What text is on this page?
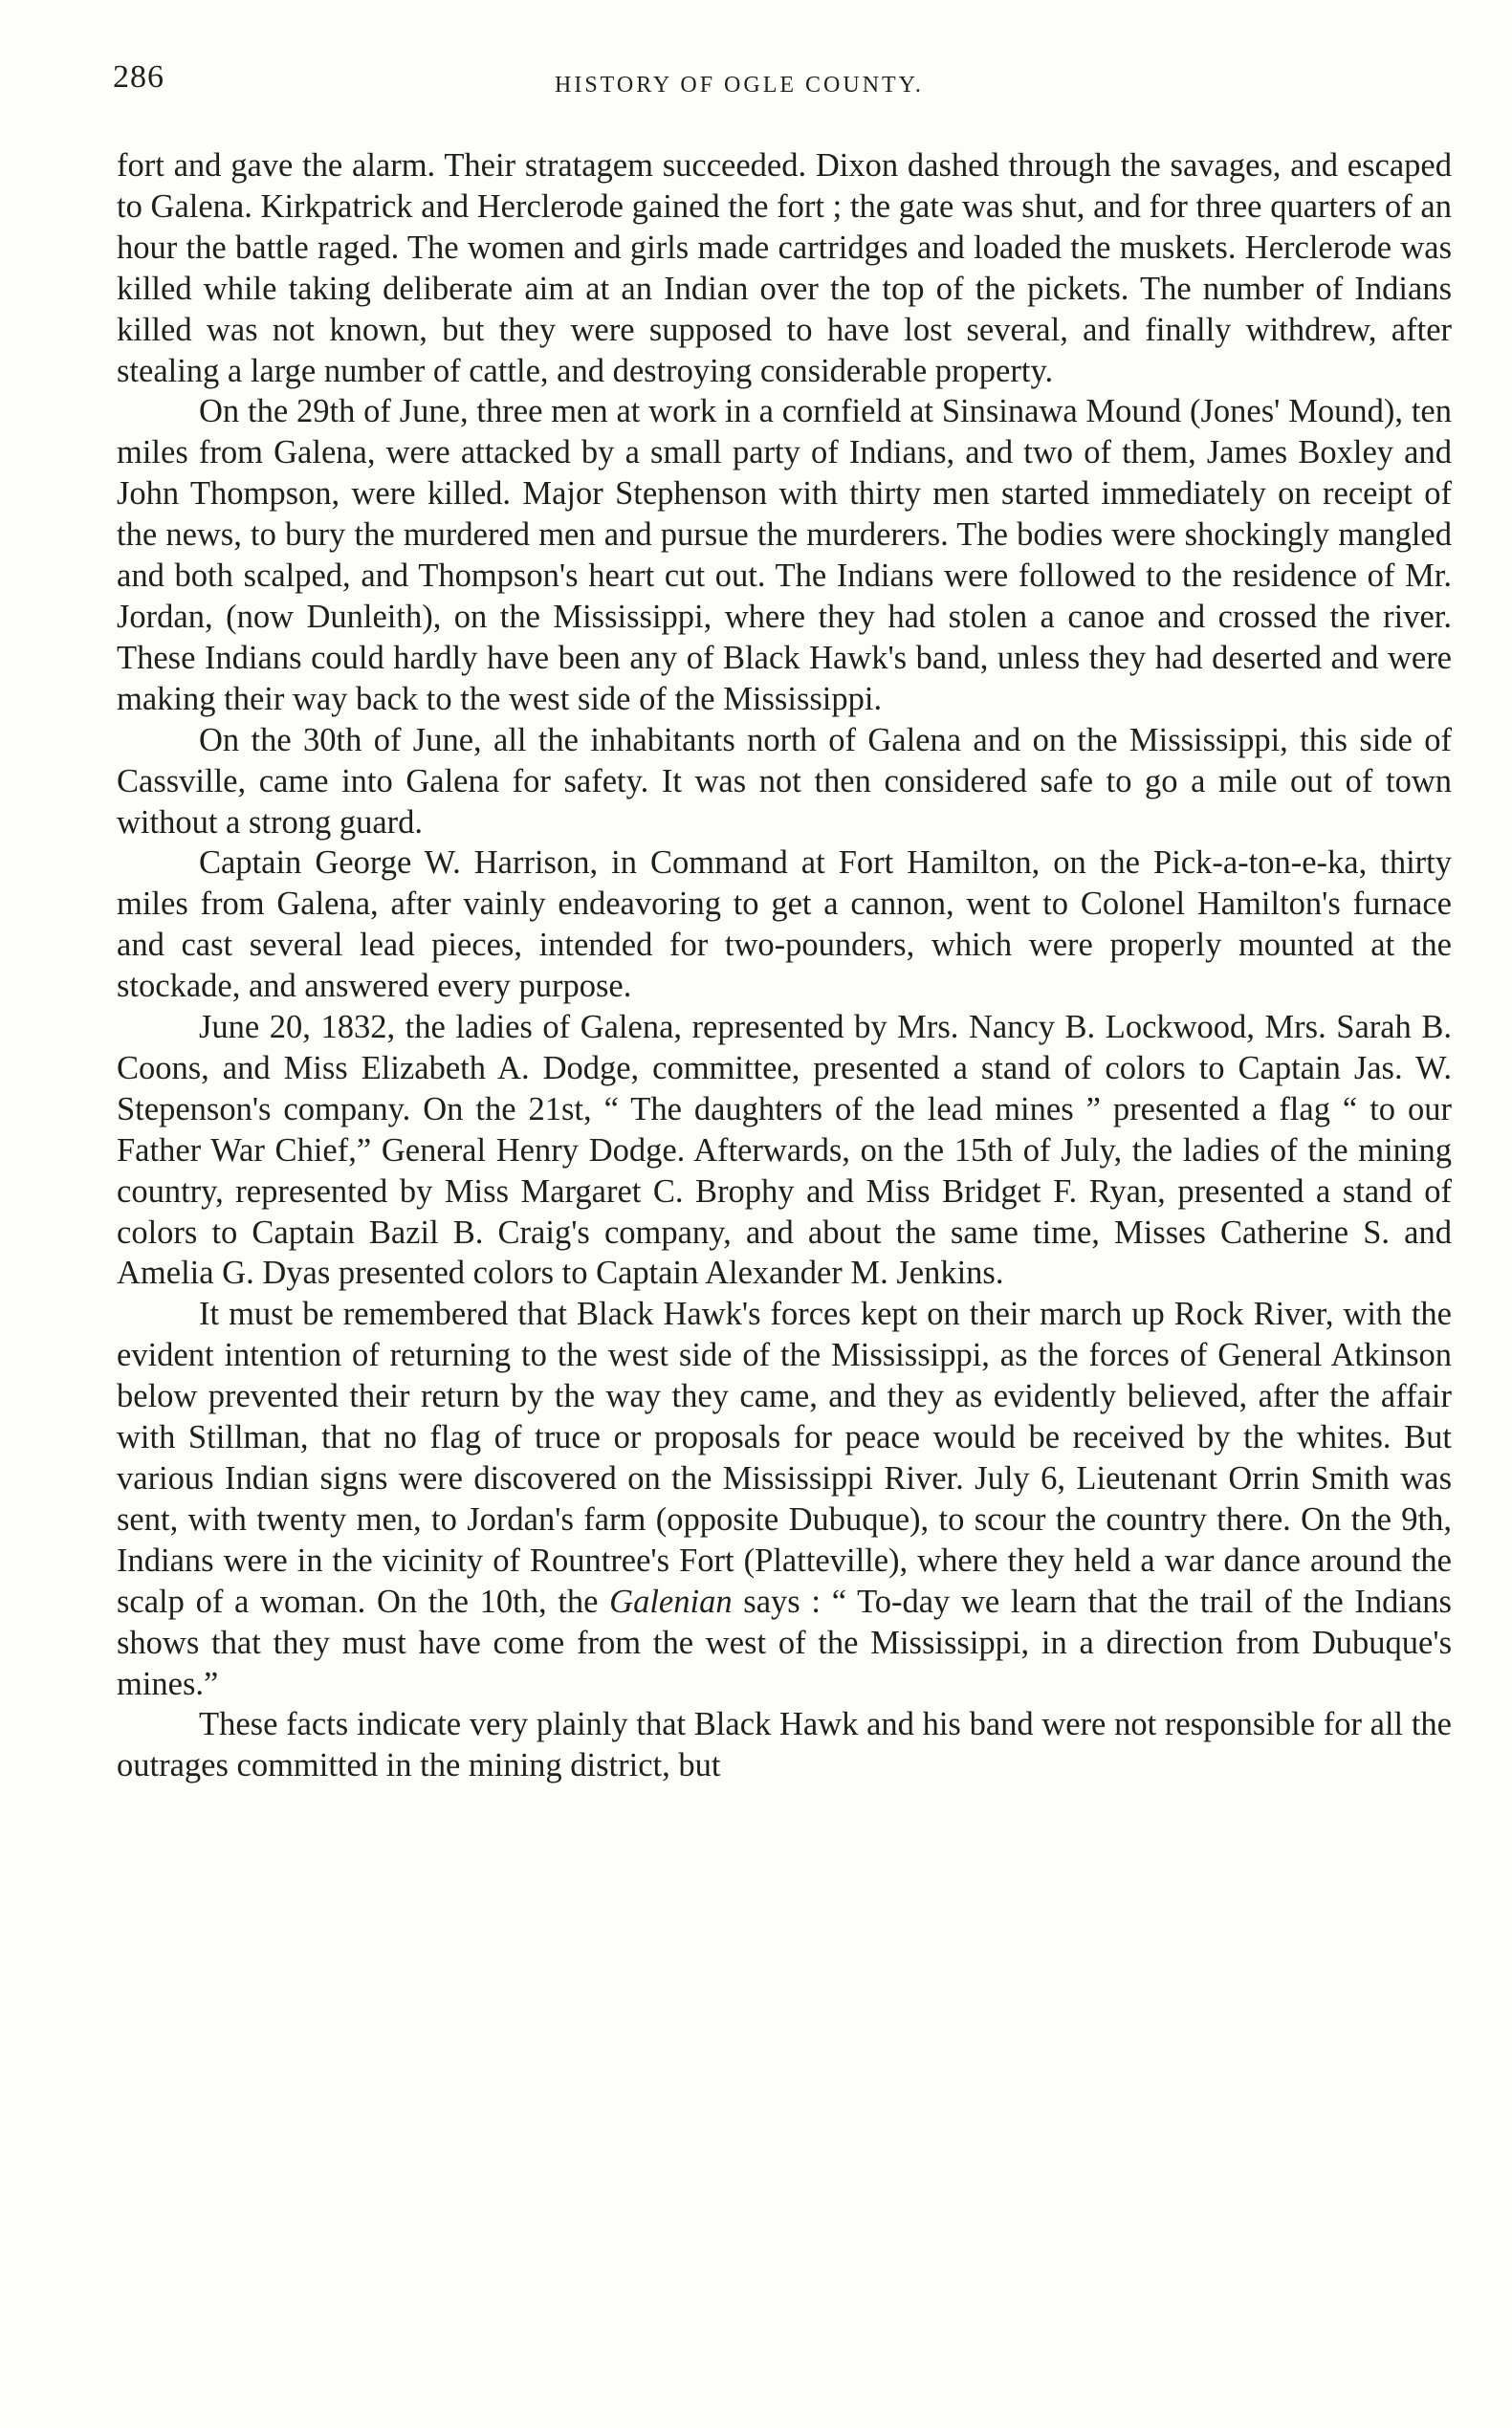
286	HISTORY OF OGLE COUNTY.

fort and gave the alarm. Their stratagem succeeded. Dixon dashed through the savages, and escaped to Galena. Kirkpatrick and Herclerode gained the fort ; the gate was shut, and for three quarters of an hour the battle raged. The women and girls made cartridges and loaded the muskets. Herclerode was killed while taking deliberate aim at an Indian over the top of the pickets. The number of Indians killed was not known, but they were supposed to have lost several, and finally withdrew, after stealing a large number of cattle, and destroying considerable property.

On the 29th of June, three men at work in a cornfield at Sinsinawa Mound (Jones' Mound), ten miles from Galena, were attacked by a small party of Indians, and two of them, James Boxley and John Thompson, were killed. Major Stephenson with thirty men started immediately on receipt of the news, to bury the murdered men and pursue the murderers. The bodies were shockingly mangled and both scalped, and Thompson's heart cut out. The Indians were followed to the residence of Mr. Jordan, (now Dunleith), on the Mississippi, where they had stolen a canoe and crossed the river. These Indians could hardly have been any of Black Hawk's band, unless they had deserted and were making their way back to the west side of the Mississippi.

On the 30th of June, all the inhabitants north of Galena and on the Mississippi, this side of Cassville, came into Galena for safety. It was not then considered safe to go a mile out of town without a strong guard.

Captain George W. Harrison, in Command at Fort Hamilton, on the Pick-a-ton-e-ka, thirty miles from Galena, after vainly endeavoring to get a cannon, went to Colonel Hamilton's furnace and cast several lead pieces, intended for two-pounders, which were properly mounted at the stockade, and answered every purpose.

June 20, 1832, the ladies of Galena, represented by Mrs. Nancy B. Lockwood, Mrs. Sarah B. Coons, and Miss Elizabeth A. Dodge, committee, presented a stand of colors to Captain Jas. W. Stepenson's company. On the 21st, “ The daughters of the lead mines ” presented a flag “ to our Father War Chief,” General Henry Dodge. Afterwards, on the 15th of July, the ladies of the mining country, represented by Miss Margaret C. Brophy and Miss Bridget F. Ryan, presented a stand of colors to Captain Bazil B. Craig's company, and about the same time, Misses Catherine S. and Amelia G. Dyas presented colors to Captain Alexander M. Jenkins.

It must be remembered that Black Hawk's forces kept on their march up Rock River, with the evident intention of returning to the west side of the Mississippi, as the forces of General Atkinson below prevented their return by the way they came, and they as evidently believed, after the affair with Stillman, that no flag of truce or proposals for peace would be received by the whites. But various Indian signs were discovered on the Mississippi River. July 6, Lieutenant Orrin Smith was sent, with twenty men, to Jordan's farm (opposite Dubuque), to scour the country there. On the 9th, Indians were in the vicinity of Rountree's Fort (Platteville), where they held a war dance around the scalp of a woman. On the 10th, the Galenian says : “ To-day we learn that the trail of the Indians shows that they must have come from the west of the Mississippi, in a direction from Dubuque's mines.”

These facts indicate very plainly that Black Hawk and his band were not responsible for all the outrages committed in the mining district, but
